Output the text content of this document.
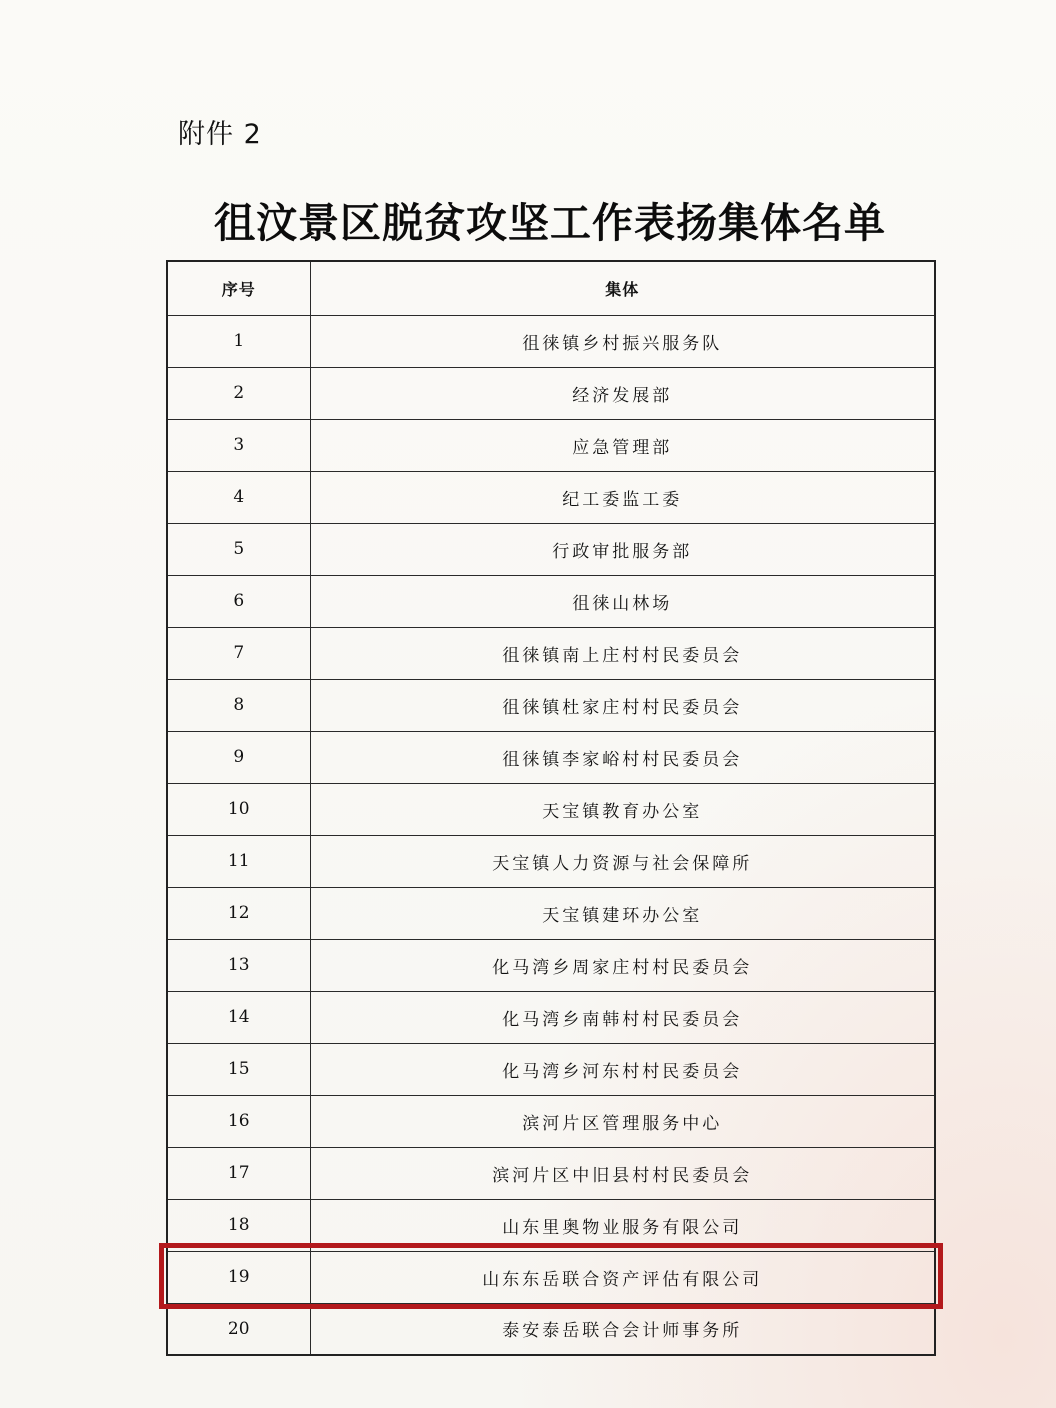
附件 2
徂汶景区脱贫攻坚工作表扬集体名单
序号	集体
1	徂徕镇乡村振兴服务队
2	经济发展部
3	应急管理部
4	纪工委监工委
5	行政审批服务部
6	徂徕山林场
7	徂徕镇南上庄村村民委员会
8	徂徕镇杜家庄村村民委员会
9	徂徕镇李家峪村村民委员会
10	天宝镇教育办公室
11	天宝镇人力资源与社会保障所
12	天宝镇建环办公室
13	化马湾乡周家庄村村民委员会
14	化马湾乡南韩村村民委员会
15	化马湾乡河东村村民委员会
16	滨河片区管理服务中心
17	滨河片区中旧县村村民委员会
18	山东里奥物业服务有限公司
19	山东东岳联合资产评估有限公司
20	泰安泰岳联合会计师事务所
